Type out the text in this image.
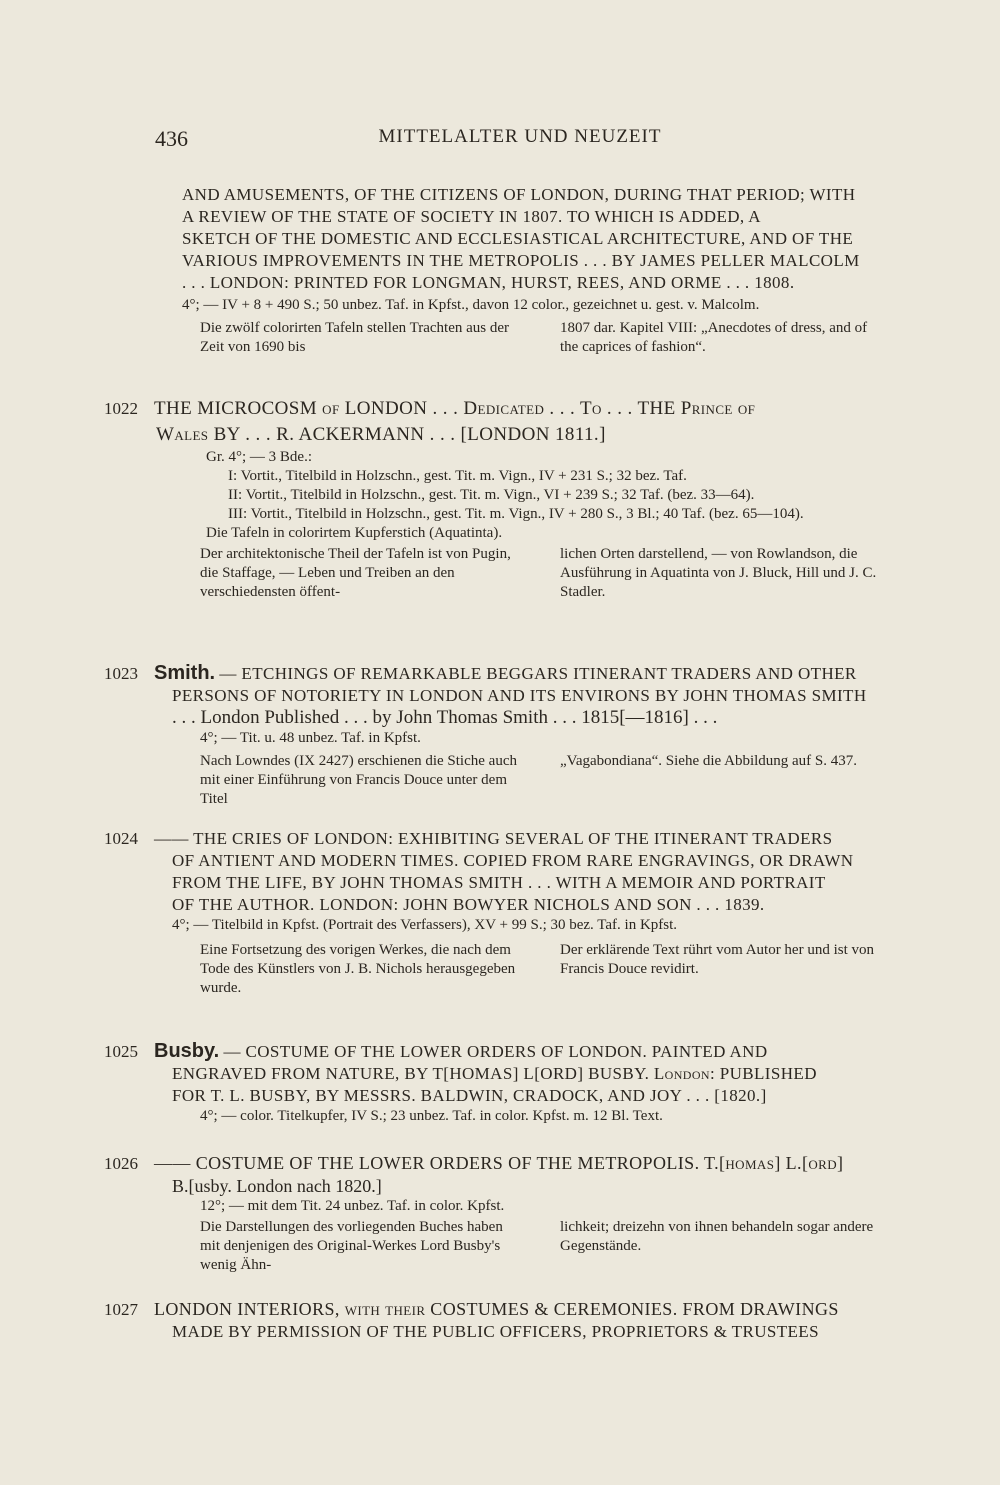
436	MITTELALTER UND NEUZEIT
AND AMUSEMENTS, OF THE CITIZENS OF LONDON, DURING THAT PERIOD; WITH
A REVIEW OF THE STATE OF SOCIETY IN 1807. TO WHICH IS ADDED, A
SKETCH OF THE DOMESTIC AND ECCLESIASTICAL ARCHITECTURE, AND OF THE
VARIOUS IMPROVEMENTS IN THE METROPOLIS . . . BY JAMES PELLER MALCOLM
. . . LONDON: PRINTED FOR LONGMAN, HURST, REES, AND ORME . . . 1808.
4°; — IV + 8 + 490 S.; 50 unbez. Taf. in Kpfst., davon 12 color., gezeichnet u. gest. v. Malcolm.
Die zwölf colorirten Tafeln stellen Trachten aus der Zeit von 1690 bis
1807 dar. Kapitel VIII: „Anecdotes of dress, and of the caprices of fashion“.
1022 THE MICROCOSM of LONDON . . . Dedicated . . . To . . . THE Prince of
Wales BY . . . R. ACKERMANN . . . [LONDON 1811.]
Gr. 4°; — 3 Bde.:
I: Vortit., Titelbild in Holzschn., gest. Tit. m. Vign., IV + 231 S.; 32 bez. Taf.
II: Vortit., Titelbild in Holzschn., gest. Tit. m. Vign., VI + 239 S.; 32 Taf. (bez. 33—64).
III: Vortit., Titelbild in Holzschn., gest. Tit. m. Vign., IV + 280 S., 3 Bl.; 40 Taf. (bez. 65—104).
Die Tafeln in colorirtem Kupferstich (Aquatinta).
Der architektonische Theil der Tafeln ist von Pugin, die Staffage, — Leben und Treiben an den verschiedensten öffent-
lichen Orten darstellend, — von Rowlandson, die Ausführung in Aquatinta von J. Bluck, Hill und J. C. Stadler.
1023 Smith. — ETCHINGS OF REMARKABLE BEGGARS ITINERANT TRADERS AND OTHER
PERSONS OF NOTORIETY IN LONDON AND ITS ENVIRONS BY JOHN THOMAS SMITH
. . . London Published . . . by John Thomas Smith . . . 1815[—1816] . . .
4°; — Tit. u. 48 unbez. Taf. in Kpfst.
Nach Lowndes (IX 2427) erschienen die Stiche auch mit einer Einführung von Francis Douce unter dem Titel
„Vagabondiana“. Siehe die Abbildung auf S. 437.
1024 —— THE CRIES OF LONDON: EXHIBITING SEVERAL OF THE ITINERANT TRADERS
OF ANTIENT AND MODERN TIMES. COPIED FROM RARE ENGRAVINGS, OR DRAWN
FROM THE LIFE, BY JOHN THOMAS SMITH . . . WITH A MEMOIR AND PORTRAIT
OF THE AUTHOR. LONDON: JOHN BOWYER NICHOLS AND SON . . . 1839.
4°; — Titelbild in Kpfst. (Portrait des Verfassers), XV + 99 S.; 30 bez. Taf. in Kpfst.
Eine Fortsetzung des vorigen Werkes, die nach dem Tode des Künstlers von J. B. Nichols herausgegeben wurde.
Der erklärende Text rührt vom Autor her und ist von Francis Douce revidirt.
1025 Busby. — COSTUME OF THE LOWER ORDERS OF LONDON. PAINTED AND
ENGRAVED FROM NATURE, BY T[HOMAS] L[ORD] BUSBY. London: PUBLISHED
FOR T. L. BUSBY, BY MESSRS. BALDWIN, CRADOCK, AND JOY . . . [1820.]
4°; — color. Titelkupfer, IV S.; 23 unbez. Taf. in color. Kpfst. m. 12 Bl. Text.
1026 —— COSTUME OF THE LOWER ORDERS OF THE METROPOLIS. T.[homas] L.[ord]
B.[usby. London nach 1820.]
12°; — mit dem Tit. 24 unbez. Taf. in color. Kpfst.
Die Darstellungen des vorliegenden Buches haben mit denjenigen des Original-Werkes Lord Busby's wenig Ähn-
lichkeit; dreizehn von ihnen behandeln sogar andere Gegenstände.
1027 LONDON INTERIORS, with their COSTUMES & CEREMONIES. FROM DRAWINGS
MADE BY PERMISSION OF THE PUBLIC OFFICERS, PROPRIETORS & TRUSTEES
